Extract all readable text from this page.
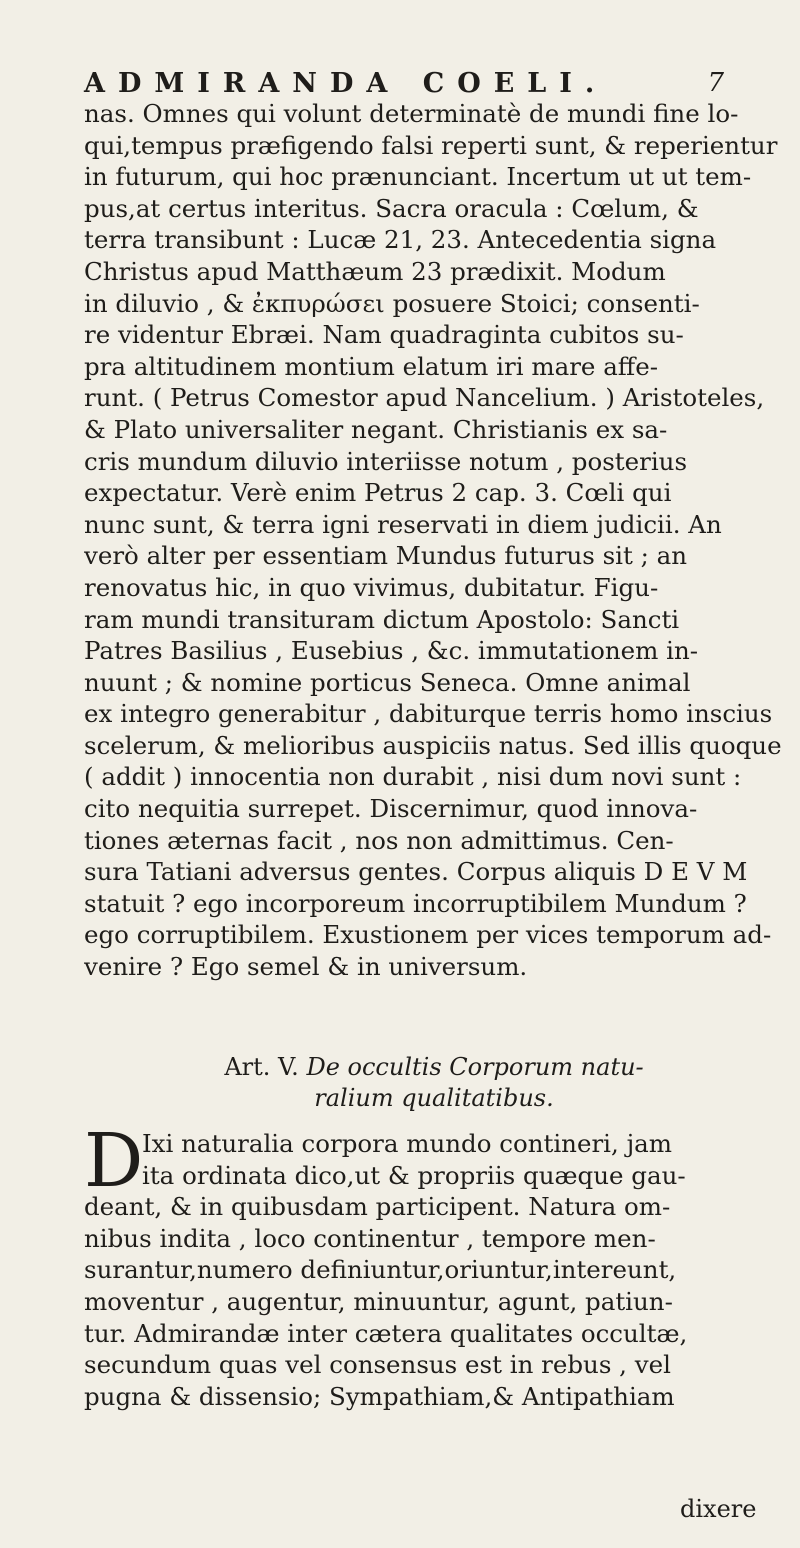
ADMIRANDA COELI.	7
nas. Omnes qui volunt determinatè de mundi fine lo-
qui,tempus præfigendo falsi reperti sunt, & reperientur
in futurum, qui hoc prænunciant. Incertum ut ut tem-
pus,at certus interitus. Sacra oracula : Cœlum, &
terra transibunt : Lucæ 21, 23. Antecedentia signa
Christus apud Matthæum 23 prædixit. Modum
in diluvio , & ἐκπυρώσει posuere Stoici; consenti-
re videntur Ebræi. Nam quadraginta cubitos su-
pra altitudinem montium elatum iri mare affe-
runt. ( Petrus Comestor apud Nancelium. ) Aristoteles,
& Plato universaliter negant. Christianis ex sa-
cris mundum diluvio interiisse notum , posterius
expectatur. Verè enim Petrus 2 cap. 3. Cœli qui
nunc sunt, & terra igni reservati in diem judicii. An
verò alter per essentiam Mundus futurus sit ; an
renovatus hic, in quo vivimus, dubitatur. Figu-
ram mundi transituram dictum Apostolo: Sancti
Patres Basilius , Eusebius , &c. immutationem in-
nuunt ; & nomine porticus Seneca. Omne animal
ex integro generabitur , dabiturque terris homo inscius
scelerum, & melioribus auspiciis natus. Sed illis quoque
( addit ) innocentia non durabit , nisi dum novi sunt :
cito nequitia surrepet. Discernimur, quod innova-
tiones æternas facit , nos non admittimus. Cen-
sura Tatiani adversus gentes. Corpus aliquis D E V M
statuit ? ego incorporeum incorruptibilem Mundum ?
ego corruptibilem. Exustionem per vices temporum ad-
venire ? Ego semel & in universum.
Art. V. De occultis Corporum natu-
ralium qualitatibus.
D
Ixi naturalia corpora mundo contineri, jam
ita ordinata dico,ut & propriis quæque gau-
deant, & in quibusdam participent. Natura om-
nibus indita , loco continentur , tempore men-
surantur,numero definiuntur,oriuntur,intereunt,
moventur , augentur, minuuntur, agunt, patiun-
tur. Admirandæ inter cætera qualitates occultæ,
secundum quas vel consensus est in rebus , vel
pugna & dissensio; Sympathiam,& Antipathiam
dixere
